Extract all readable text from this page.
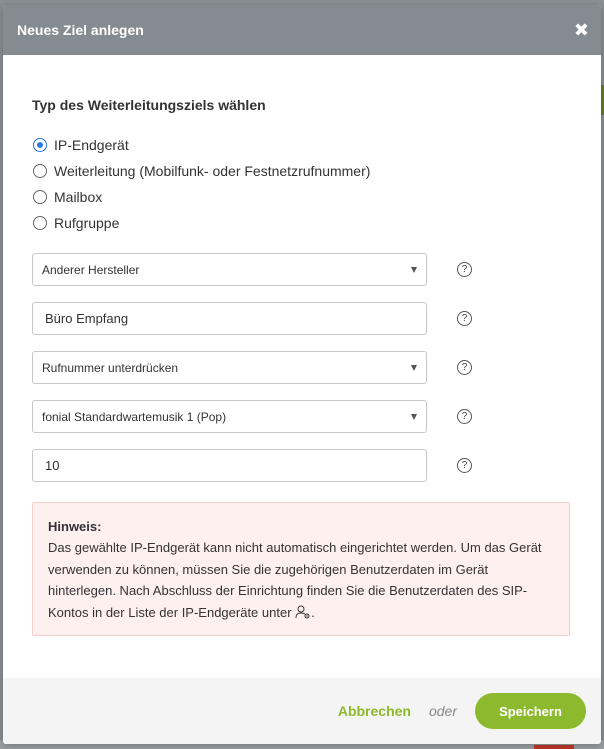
Neues Ziel anlegen	✖
Typ des Weiterleitungsziels wählen
IP-Endgerät
Weiterleitung (Mobilfunk- oder Festnetzrufnummer)
Mailbox
Rufgruppe
Anderer Hersteller	?
Büro Empfang	?
Rufnummer unterdrücken	?
fonial Standardwartemusik 1 (Pop)	?
10	?
Hinweis:
Das gewählte IP-Endgerät kann nicht automatisch eingerichtet werden. Um das Gerät verwenden zu können, müssen Sie die zugehörigen Benutzerdaten im Gerät hinterlegen. Nach Abschluss der Einrichtung finden Sie die Benutzerdaten des SIP-Kontos in der Liste der IP-Endgeräte unter .
Abbrechen oder	Speichern
